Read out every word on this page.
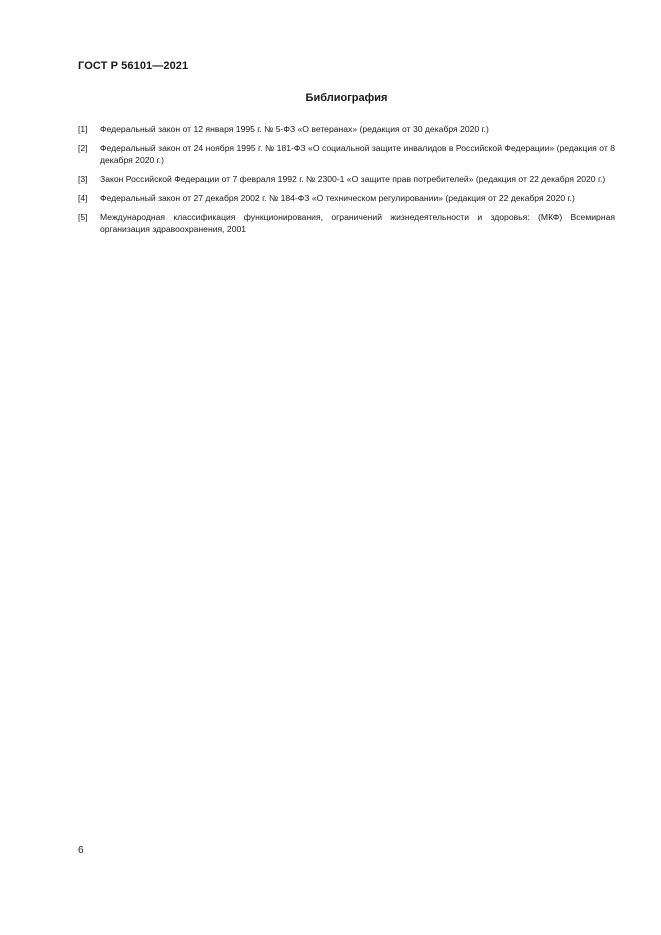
ГОСТ Р 56101—2021
Библиография
[1]	Федеральный закон от 12 января 1995 г. № 5-ФЗ «О ветеранах» (редакция от 30 декабря 2020 г.)
[2]	Федеральный закон от 24 ноября 1995 г. № 181-ФЗ «О социальной защите инвалидов в Российской Федерации» (редакция от 8 декабря 2020 г.)
[3]	Закон Российской Федерации от 7 февраля 1992 г. № 2300-1 «О защите прав потребителей» (редакция от 22 декабря 2020 г.)
[4]	Федеральный закон от 27 декабря 2002 г. № 184-ФЗ «О техническом регулировании» (редакция от 22 декабря 2020 г.)
[5]	Международная классификация функционирования, ограничений жизнедеятельности и здоровья: (МКФ) Всемирная организация здравоохранения, 2001
6
